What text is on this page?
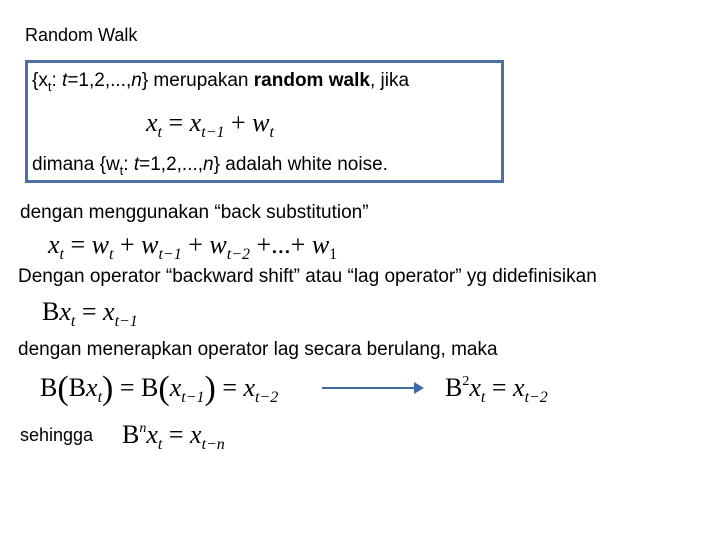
Random Walk
{$x_t$: t=1,2,...,n} merupakan random walk, jika
$x_t = x_{t-1} + w_t$
dimana {$w_t$: t=1,2,...,n} adalah white noise.
dengan menggunakan “back substitution”
$x_t = w_t + w_{t-1} + w_{t-2}$ +...+ $w_1$
Dengan operator “backward shift” atau “lag operator” yg didefinisikan
$Bx_t = x_{t-1}$
dengan menerapkan operator lag secara berulang, maka
$B(Bx_t) = B(x_{t-1}) = x_{t-2}$	$B^2x_t = x_{t-2}$
sehingga $B^nx_t = x_{t-n}$
